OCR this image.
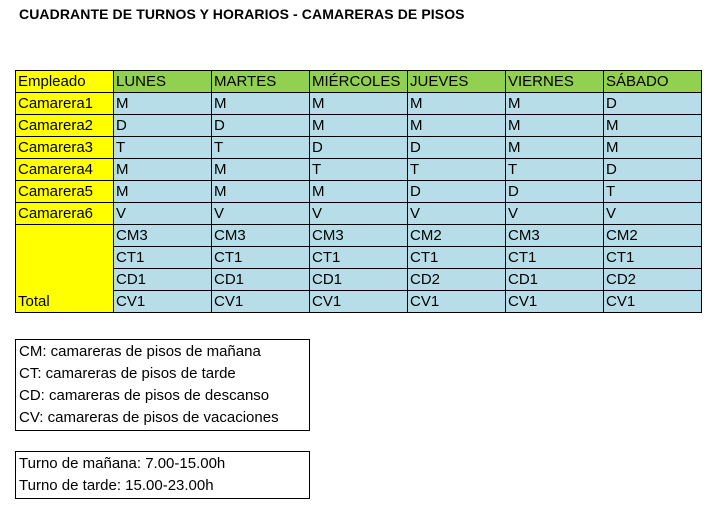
CUADRANTE DE TURNOS Y HORARIOS - CAMARERAS DE PISOS
Empleado	LUNES	MARTES	MIÉRCOLES	JUEVES	VIERNES	SÁBADO
Camarera1	M	M	M	M	M	D
Camarera2	D	D	M	M	M	M
Camarera3	T	T	D	D	M	M
Camarera4	M	M	T	T	T	D
Camarera5	M	M	M	D	D	T
Camarera6	V	V	V	V	V	V
Total	CM3	CM3	CM3	CM2	CM3	CM2
	CT1	CT1	CT1	CT1	CT1	CT1
	CD1	CD1	CD1	CD2	CD1	CD2
	CV1	CV1	CV1	CV1	CV1	CV1
CM: camareras de pisos de mañana
CT: camareras de pisos de tarde
CD: camareras de pisos de descanso
CV: camareras de pisos de vacaciones
Turno de mañana: 7.00-15.00h
Turno de tarde: 15.00-23.00h
